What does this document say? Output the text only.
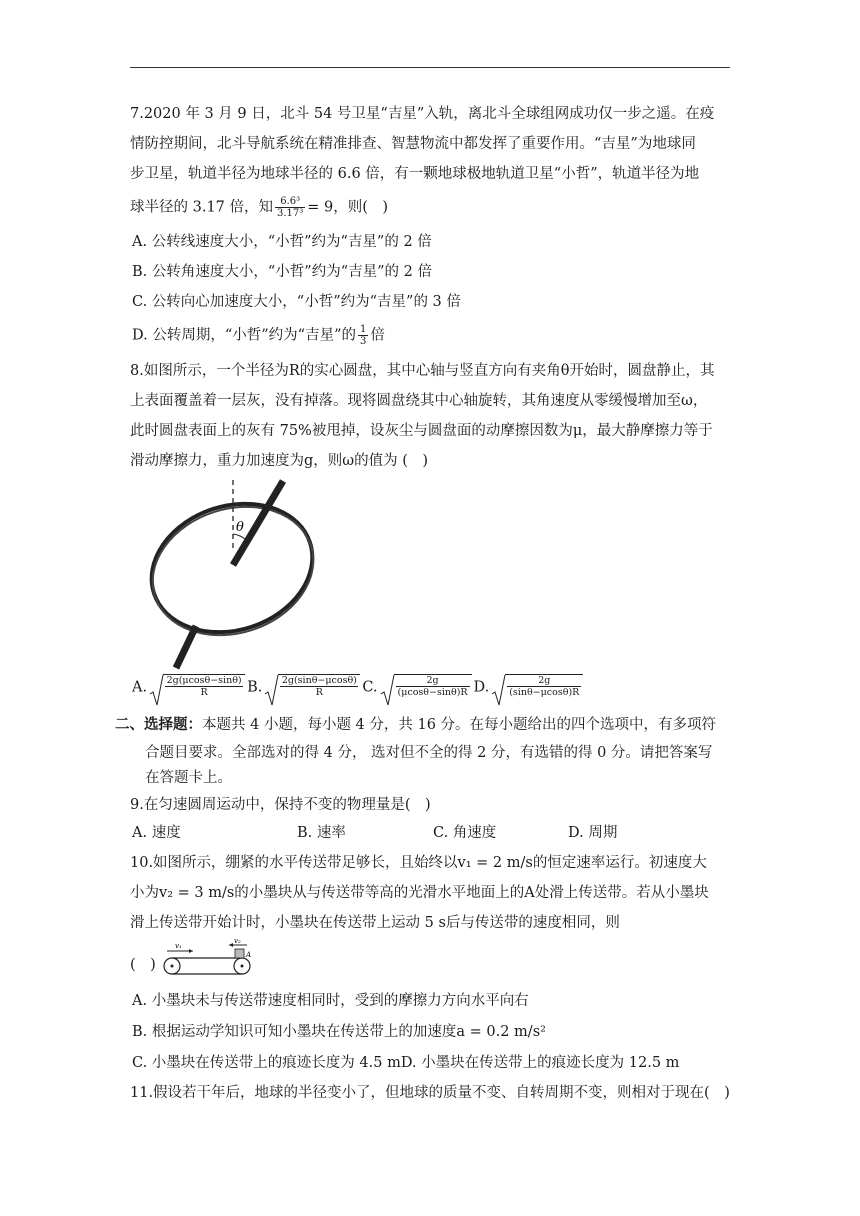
7.2020 年 3 月 9 日，北斗 54 号卫星“吉星”入轨，离北斗全球组网成功仅一步之遥。在疫
情防控期间，北斗导航系统在精准排查、智慧物流中都发挥了重要作用。“吉星”为地球同
步卫星，轨道半径为地球半径的 6.6 倍，有一颗地球极地轨道卫星“小哲”，轨道半径为地
球半径的 3.17 倍，知 $\frac{\text{6.6³}}{\text{3.17³}} = 9$，则(　)
A. 公转线速度大小，“小哲”约为“吉星”的 2 倍
B. 公转角速度大小，“小哲”约为“吉星”的 2 倍
C. 公转向心加速度大小，“小哲”约为“吉星”的 3 倍
D. 公转周期，“小哲”约为“吉星”的 $\frac{1}{3}$ 倍
8.如图所示，一个半径为R的实心圆盘，其中心轴与竖直方向有夹角θ开始时，圆盘静止，其
上表面覆盖着一层灰，没有掉落。现将圆盘绕其中心轴旋转，其角速度从零缓慢增加至ω，
此时圆盘表面上的灰有 75%被甩掉，设灰尘与圆盘面的动摩擦因数为μ，最大静摩擦力等于
滑动摩擦力，重力加速度为g，则ω的值为 (　)
θ
A. $\frac{2g(\mu\cos\theta-\sin\theta)}{R} B$. $\frac{2g(\sin\theta-\mu\cos\theta)}{R} C$. $\frac{2g}{(\mu\cos\theta-\sin\theta)R} D$. $\frac{2g}{(\sin\theta-\mu\cos\theta)R}$
二、选择题：本题共 4 小题，每小题 4 分，共 16 分。在每小题给出的四个选项中，有多项符
合题目要求。全部选对的得 4 分， 选对但不全的得 2 分，有选错的得 0 分。请把答案写
在答题卡上。
9.在匀速圆周运动中，保持不变的物理量是(　)
A. 速度	B. 速率	C. 角速度	D. 周期
10.如图所示，绷紧的水平传送带足够长，且始终以v₁ = 2 m/s的恒定速率运行。初速度大
小为v₂ = 3 m/s的小墨块从与传送带等高的光滑水平地面上的A处滑上传送带。若从小墨块
滑上传送带开始计时，小墨块在传送带上运动 5 s后与传送带的速度相同，则
(　)
v₁
v₂
A
A. 小墨块未与传送带速度相同时，受到的摩擦力方向水平向右
B. 根据运动学知识可知小墨块在传送带上的加速度a = 0.2 m/s²
C. 小墨块在传送带上的痕迹长度为 4.5 mD. 小墨块在传送带上的痕迹长度为 12.5 m
11.假设若干年后，地球的半径变小了，但地球的质量不变、自转周期不变，则相对于现在(　)
